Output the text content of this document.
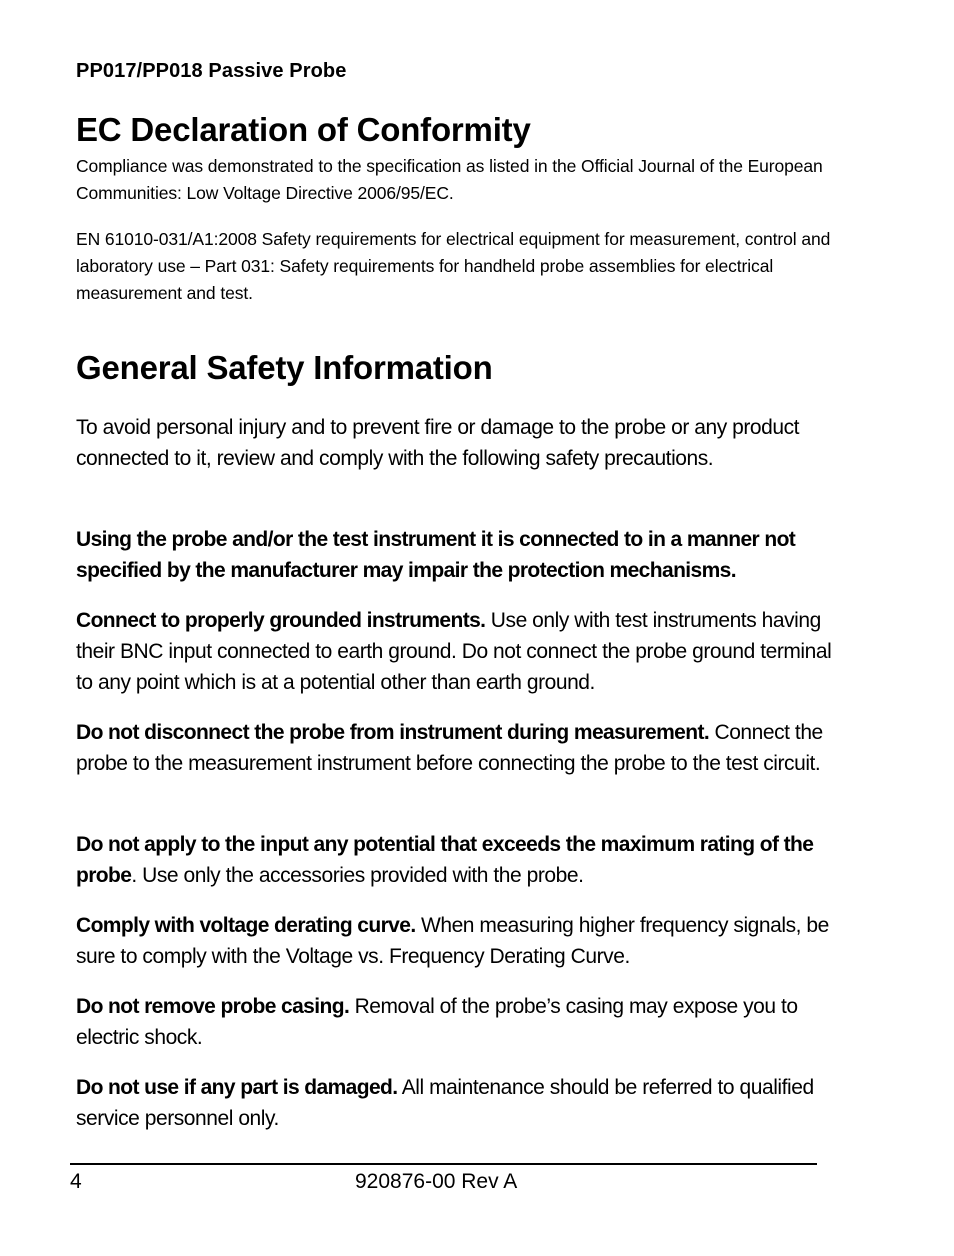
PP017/PP018 Passive Probe
EC Declaration of Conformity

Compliance was demonstrated to the specification as listed in the Official Journal of the European Communities: Low Voltage Directive 2006/95/EC.

EN 61010-031/A1:2008 Safety requirements for electrical equipment for measurement, control and laboratory use – Part 031: Safety requirements for handheld probe assemblies for electrical measurement and test.

General Safety Information

To avoid personal injury and to prevent fire or damage to the probe or any product connected to it, review and comply with the following safety precautions.

Using the probe and/or the test instrument it is connected to in a manner not specified by the manufacturer may impair the protection mechanisms.

Connect to properly grounded instruments. Use only with test instruments having their BNC input connected to earth ground. Do not connect the probe ground terminal to any point which is at a potential other than earth ground.

Do not disconnect the probe from instrument during measurement. Connect the probe to the measurement instrument before connecting the probe to the test circuit.

Do not apply to the input any potential that exceeds the maximum rating of the probe. Use only the accessories provided with the probe.

Comply with voltage derating curve. When measuring higher frequency signals, be sure to comply with the Voltage vs. Frequency Derating Curve.

Do not remove probe casing. Removal of the probe’s casing may expose you to electric shock.

Do not use if any part is damaged. All maintenance should be referred to qualified service personnel only.

4	920876-00 Rev A
